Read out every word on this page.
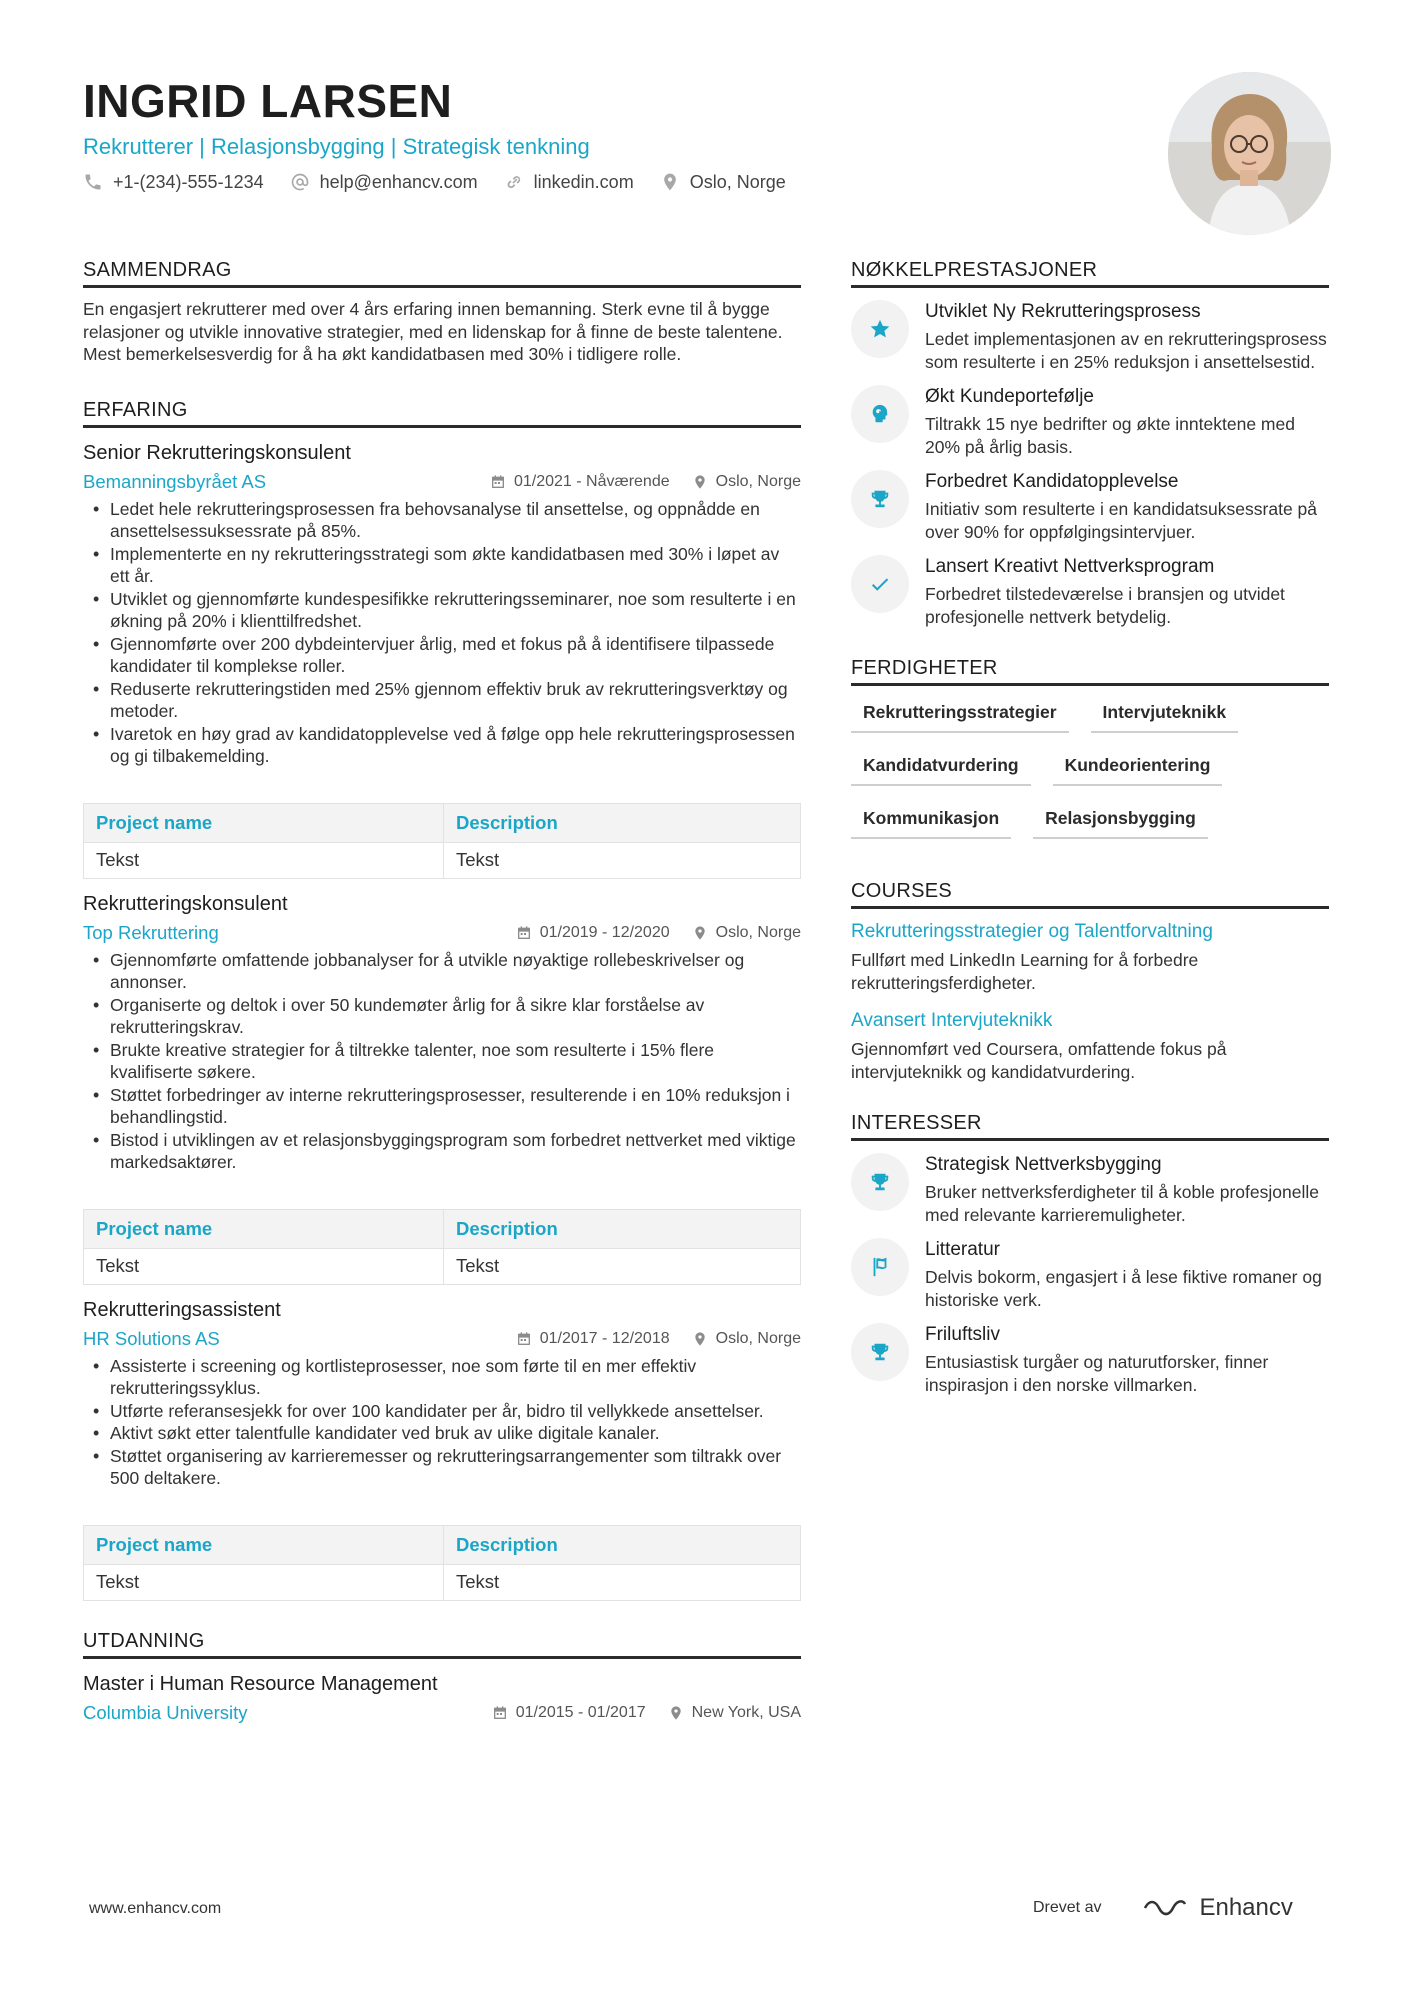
INGRID LARSEN
Rekrutterer | Relasjonsbygging | Strategisk tenkning
+1-(234)-555-1234	help@enhancv.com	linkedin.com	Oslo, Norge
SAMMENDRAG
En engasjert rekrutterer med over 4 års erfaring innen bemanning. Sterk evne til å bygge relasjoner og utvikle innovative strategier, med en lidenskap for å finne de beste talentene. Mest bemerkelsesverdig for å ha økt kandidatbasen med 30% i tidligere rolle.
ERFARING
Senior Rekrutteringskonsulent
Bemanningsbyrået AS	01/2021 - Nåværende	Oslo, Norge
• Ledet hele rekrutteringsprosessen fra behovsanalyse til ansettelse, og oppnådde en ansettelsessuksessrate på 85%.
• Implementerte en ny rekrutteringsstrategi som økte kandidatbasen med 30% i løpet av ett år.
• Utviklet og gjennomførte kundespesifikke rekrutteringsseminarer, noe som resulterte i en økning på 20% i klienttilfredshet.
• Gjennomførte over 200 dybdeintervjuer årlig, med et fokus på å identifisere tilpassede kandidater til komplekse roller.
• Reduserte rekrutteringstiden med 25% gjennom effektiv bruk av rekrutteringsverktøy og metoder.
• Ivaretok en høy grad av kandidatopplevelse ved å følge opp hele rekrutteringsprosessen og gi tilbakemelding.
Project name	Description
Tekst	Tekst
Rekrutteringskonsulent
Top Rekruttering	01/2019 - 12/2020	Oslo, Norge
• Gjennomførte omfattende jobbanalyser for å utvikle nøyaktige rollebeskrivelser og annonser.
• Organiserte og deltok i over 50 kundemøter årlig for å sikre klar forståelse av rekrutteringskrav.
• Brukte kreative strategier for å tiltrekke talenter, noe som resulterte i 15% flere kvalifiserte søkere.
• Støttet forbedringer av interne rekrutteringsprosesser, resulterende i en 10% reduksjon i behandlingstid.
• Bistod i utviklingen av et relasjonsbyggingsprogram som forbedret nettverket med viktige markedsaktører.
Project name	Description
Tekst	Tekst
Rekrutteringsassistent
HR Solutions AS	01/2017 - 12/2018	Oslo, Norge
• Assisterte i screening og kortlisteprosesser, noe som førte til en mer effektiv rekrutteringssyklus.
• Utførte referansesjekk for over 100 kandidater per år, bidro til vellykkede ansettelser.
• Aktivt søkt etter talentfulle kandidater ved bruk av ulike digitale kanaler.
• Støttet organisering av karrieremesser og rekrutteringsarrangementer som tiltrakk over 500 deltakere.
Project name	Description
Tekst	Tekst
UTDANNING
Master i Human Resource Management
Columbia University	01/2015 - 01/2017	New York, USA
NØKKELPRESTASJONER
Utviklet Ny Rekrutteringsprosess
Ledet implementasjonen av en rekrutteringsprosess som resulterte i en 25% reduksjon i ansettelsestid.
Økt Kundeportefølje
Tiltrakk 15 nye bedrifter og økte inntektene med 20% på årlig basis.
Forbedret Kandidatopplevelse
Initiativ som resulterte i en kandidatsuksessrate på over 90% for oppfølgingsintervjuer.
Lansert Kreativt Nettverksprogram
Forbedret tilstedeværelse i bransjen og utvidet profesjonelle nettverk betydelig.
FERDIGHETER
Rekrutteringsstrategier	Intervjuteknikk
Kandidatvurdering	Kundeorientering
Kommunikasjon	Relasjonsbygging
COURSES
Rekrutteringsstrategier og Talentforvaltning
Fullført med LinkedIn Learning for å forbedre rekrutteringsferdigheter.
Avansert Intervjuteknikk
Gjennomført ved Coursera, omfattende fokus på intervjuteknikk og kandidatvurdering.
INTERESSER
Strategisk Nettverksbygging
Bruker nettverksferdigheter til å koble profesjonelle med relevante karrieremuligheter.
Litteratur
Delvis bokorm, engasjert i å lese fiktive romaner og historiske verk.
Friluftsliv
Entusiastisk turgåer og naturutforsker, finner inspirasjon i den norske villmarken.
www.enhancv.com	Drevet av	Enhancv
